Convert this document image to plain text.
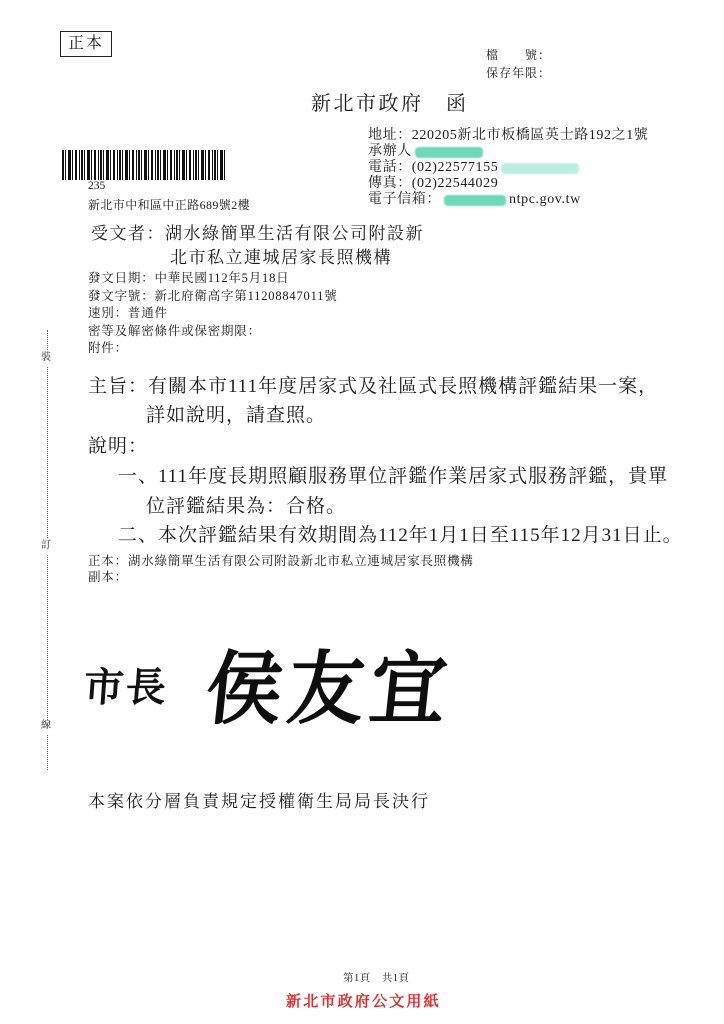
正本
檔　　號：
保存年限：
新北市政府　函
地址：220205新北市板橋區英士路192之1號
承辦人
電話：(02)22577155
傳真：(02)22544029
電子信箱：	ntpc.gov.tw
235
新北市中和區中正路689號2樓
受文者：湖水綠簡單生活有限公司附設新
北市私立連城居家長照機構
發文日期：中華民國112年5月18日
發文字號：新北府衛高字第11208847011號
速別：普通件
密等及解密條件或保密期限：
附件：
主旨：有關本市111年度居家式及社區式長照機構評鑑結果一案，
詳如說明，請查照。
說明：
一、111年度長期照顧服務單位評鑑作業居家式服務評鑑，貴單
位評鑑結果為：合格。
二、本次評鑑結果有效期間為112年1月1日至115年12月31日止。
正本：湖水綠簡單生活有限公司附設新北市私立連城居家長照機構
副本：
市長 侯友宜
本案依分層負責規定授權衛生局局長決行
第1頁　共1頁
新北市政府公文用紙
裝
訂
線
